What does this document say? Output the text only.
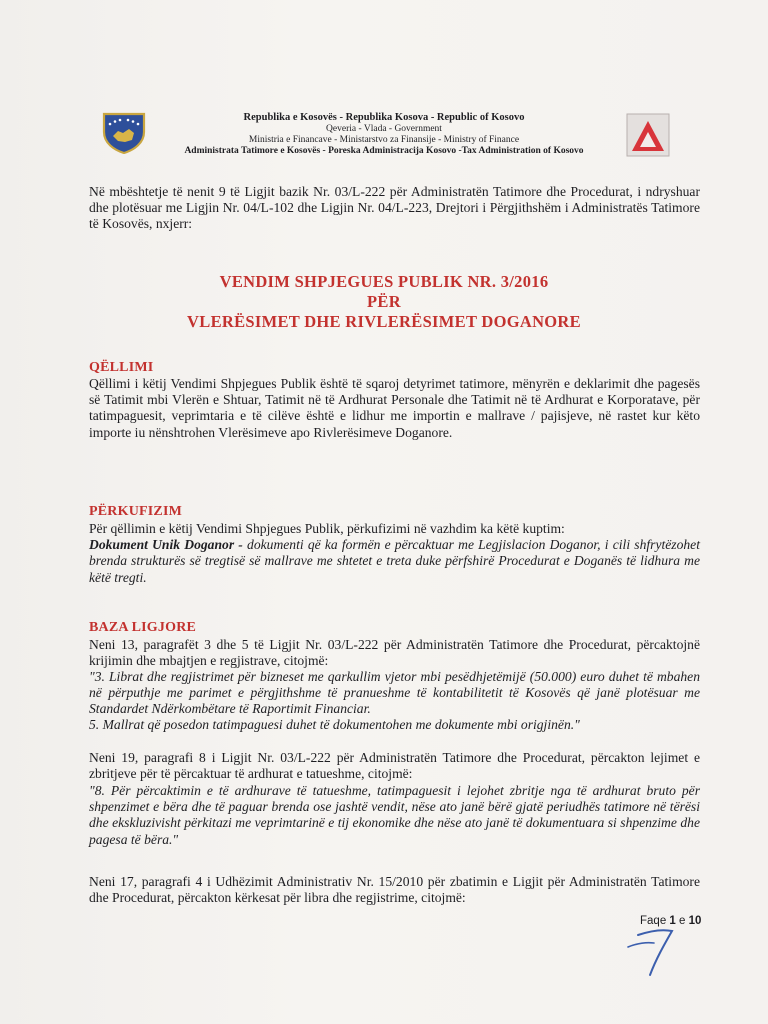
Republika e Kosovës - Republika Kosova - Republic of Kosovo
Qeveria - Vlada - Government
Ministria e Financave - Ministarstvo za Finansije - Ministry of Finance
Administrata Tatimore e Kosovës - Poreska Administracija Kosovo -Tax Administration of Kosovo
Në mbështetje të nenit 9 të Ligjit bazik Nr. 03/L-222 për Administratën Tatimore dhe Procedurat, i ndryshuar dhe plotësuar me Ligjin Nr. 04/L-102 dhe Ligjin Nr. 04/L-223, Drejtori i Përgjithshëm i Administratës Tatimore të Kosovës, nxjerr:
VENDIM SHPJEGUES PUBLIK NR. 3/2016
PËR
VLERËSIMET DHE RIVLERËSIMET DOGANORE
QËLLIMI
Qëllimi i këtij Vendimi Shpjegues Publik është të sqaroj detyrimet tatimore, mënyrën e deklarimit dhe pagesës së Tatimit mbi Vlerën e Shtuar, Tatimit në të Ardhurat Personale dhe Tatimit në të Ardhurat e Korporatave, për tatimpaguesit, veprimtaria e të cilëve është e lidhur me importin e mallrave / pajisjeve, në rastet kur këto importe iu nënshtrohen Vlerësimeve apo Rivlerësimeve Doganore.
PËRKUFIZIM
Për qëllimin e këtij Vendimi Shpjegues Publik, përkufizimi në vazhdim ka këtë kuptim:
Dokument Unik Doganor - dokumenti që ka formën e përcaktuar me Legjislacion Doganor, i cili shfrytëzohet brenda strukturës së tregtisë së mallrave me shtetet e treta duke përfshirë Procedurat e Doganës të lidhura me këtë tregti.
BAZA LIGJORE
Neni 13, paragrafët 3 dhe 5 të Ligjit Nr. 03/L-222 për Administratën Tatimore dhe Procedurat, përcaktojnë krijimin dhe mbajtjen e regjistrave, citojmë:
"3. Librat dhe regjistrimet për bizneset me qarkullim vjetor mbi pesëdhjetëmijë (50.000) euro duhet të mbahen në përputhje me parimet e përgjithshme të pranueshme të kontabilitetit të Kosovës që janë plotësuar me Standardet Ndërkombëtare të Raportimit Financiar.
5. Mallrat që posedon tatimpaguesi duhet të dokumentohen me dokumente mbi origjinën."
Neni 19, paragrafi 8 i Ligjit Nr. 03/L-222 për Administratën Tatimore dhe Procedurat, përcakton lejimet e zbritjeve për të përcaktuar të ardhurat e tatueshme, citojmë:
"8. Për përcaktimin e të ardhurave të tatueshme, tatimpaguesit i lejohet zbritje nga të ardhurat bruto për shpenzimet e bëra dhe të paguar brenda ose jashtë vendit, nëse ato janë bërë gjatë periudhës tatimore në tërësi dhe ekskluzivisht përkitazi me veprimtarinë e tij ekonomike dhe nëse ato janë të dokumentuara si shpenzime dhe pagesa të bëra."
Neni 17, paragrafi 4 i Udhëzimit Administrativ Nr. 15/2010 për zbatimin e Ligjit për Administratën Tatimore dhe Procedurat, përcakton kërkesat për libra dhe regjistrime, citojmë:
Faqe 1 e 10
